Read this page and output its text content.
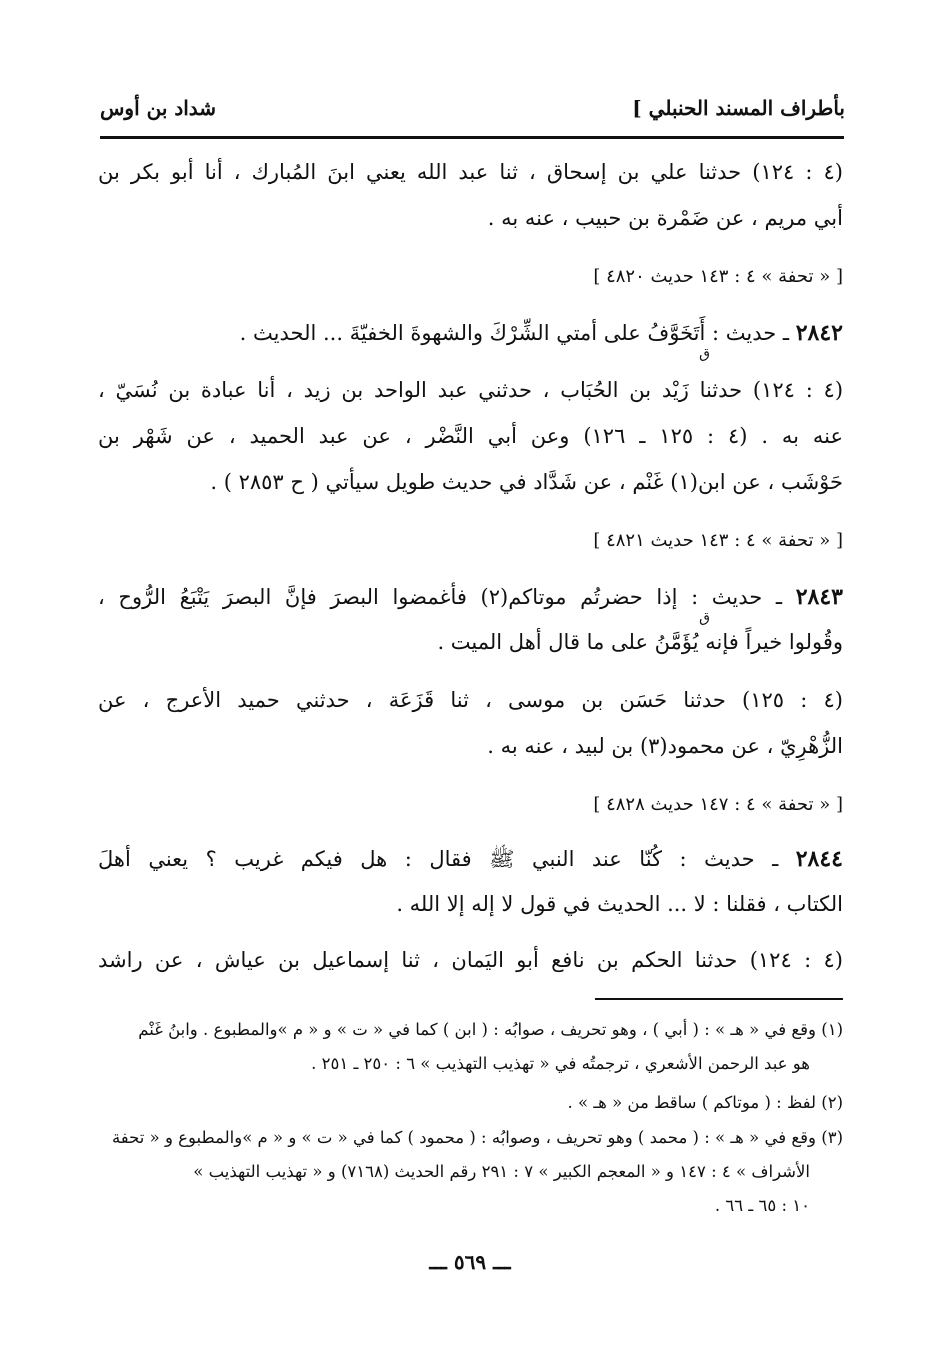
بأطراف المسند الحنبلي ]
شداد بن أوس
(٤ : ١٢٤) حدثنا علي بن إسحاق ، ثنا عبد الله يعني ابنَ المُبارك ، أنا أبو بكر بن
أبي مريم ، عن ضَمْرة بن حبيب ، عنه به .
[ « تحفة » ٤ : ١٤٣ حديث ٤٨٢٠ ]
٢٨٤٢ ـ حديث : أَتَخَوَّفُ على أمتي الشِّرْكَ والشهوةَ الخفيّةَ ... الحديث .
ق
(٤ : ١٢٤) حدثنا زَيْد بن الحُبَاب ، حدثني عبد الواحد بن زيد ، أنا عبادة بن نُسَيّ ،
عنه به . (٤ : ١٢٥ ـ ١٢٦) وعن أبي النَّضْر ، عن عبد الحميد ، عن شَهْر بن
حَوْشَب ، عن ابن(١) غَنْم ، عن شَدَّاد في حديث طويل سيأتي ( ح ٢٨٥٣ ) .
[ « تحفة » ٤ : ١٤٣ حديث ٤٨٢١ ]
٢٨٤٣ ـ حديث : إذا حضرتُم موتاكم(٢) فأغمضوا البصرَ فإنَّ البصرَ يَتْبَعُ الرُّوح ،
ق
وقُولوا خيراً فإنه يُؤَمَّنُ على ما قال أهل الميت .
(٤ : ١٢٥) حدثنا حَسَن بن موسى ، ثنا قَزَعَة ، حدثني حميد الأعرج ، عن
الزُّهْرِيّ ، عن محمود(٣) بن لبيد ، عنه به .
[ « تحفة » ٤ : ١٤٧ حديث ٤٨٢٨ ]
٢٨٤٤ ـ حديث : كُنّا عند النبي ﷺ فقال : هل فيكم غريب ؟ يعني أهلَ
الكتاب ، فقلنا : لا ... الحديث في قول لا إله إلا الله .
(٤ : ١٢٤) حدثنا الحكم بن نافع أبو اليَمان ، ثنا إسماعيل بن عياش ، عن راشد
(١) وقع في « هـ » : ( أبي ) ، وهو تحريف ، صوابُه : ( ابن ) كما في « ت » و « م »والمطبوع . وابنُ غَنْم
هو عبد الرحمن الأشعري ، ترجمتُه في « تهذيب التهذيب » ٦ : ٢٥٠ ـ ٢٥١ .
(٢) لفظ : ( موتاكم ) ساقط من « هـ » .
(٣) وقع في « هـ » : ( محمد ) وهو تحريف ، وصوابُه : ( محمود ) كما في « ت » و « م »والمطبوع و « تحفة
الأشراف » ٤ : ١٤٧ و « المعجم الكبير » ٧ : ٢٩١ رقم الحديث (٧١٦٨) و « تهذيب التهذيب »
١٠ : ٦٥ ـ ٦٦ .
ـــ ٥٦٩ ـــ
